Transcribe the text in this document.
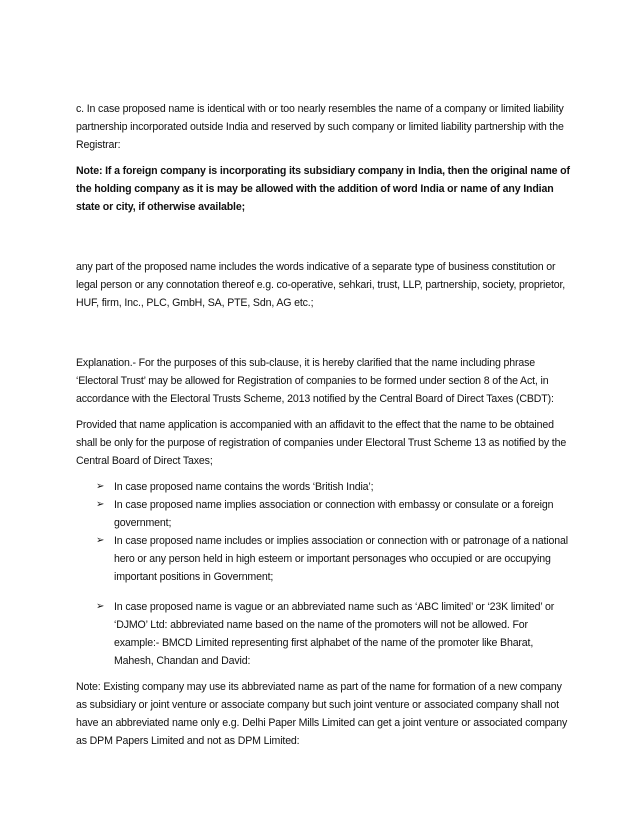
c. In case proposed name is identical with or too nearly resembles the name of a company or limited liability partnership incorporated outside India and reserved by such company or limited liability partnership with the Registrar:

Note: If a foreign company is incorporating its subsidiary company in India, then the original name of the holding company as it is may be allowed with the addition of word India or name of any Indian state or city, if otherwise available;

any part of the proposed name includes the words indicative of a separate type of business constitution or legal person or any connotation thereof e.g. co-operative, sehkari, trust, LLP, partnership, society, proprietor, HUF, firm, Inc., PLC, GmbH, SA, PTE, Sdn, AG etc.;

Explanation.- For the purposes of this sub-clause, it is hereby clarified that the name including phrase ‘Electoral Trust’ may be allowed for Registration of companies to be formed under section 8 of the Act, in accordance with the Electoral Trusts Scheme, 2013 notified by the Central Board of Direct Taxes (CBDT):

Provided that name application is accompanied with an affidavit to the effect that the name to be obtained shall be only for the purpose of registration of companies under Electoral Trust Scheme 13 as notified by the Central Board of Direct Taxes;

➢ In case proposed name contains the words ‘British India’;
➢ In case proposed name implies association or connection with embassy or consulate or a foreign government;
➢ In case proposed name includes or implies association or connection with or patronage of a national hero or any person held in high esteem or important personages who occupied or are occupying important positions in Government;
➢ In case proposed name is vague or an abbreviated name such as ‘ABC limited’ or ‘23K limited’ or ‘DJMO’ Ltd: abbreviated name based on the name of the promoters will not be allowed. For example:- BMCD Limited representing first alphabet of the name of the promoter like Bharat, Mahesh, Chandan and David:

Note: Existing company may use its abbreviated name as part of the name for formation of a new company as subsidiary or joint venture or associate company but such joint venture or associated company shall not have an abbreviated name only e.g. Delhi Paper Mills Limited can get a joint venture or associated company as DPM Papers Limited and not as DPM Limited:
